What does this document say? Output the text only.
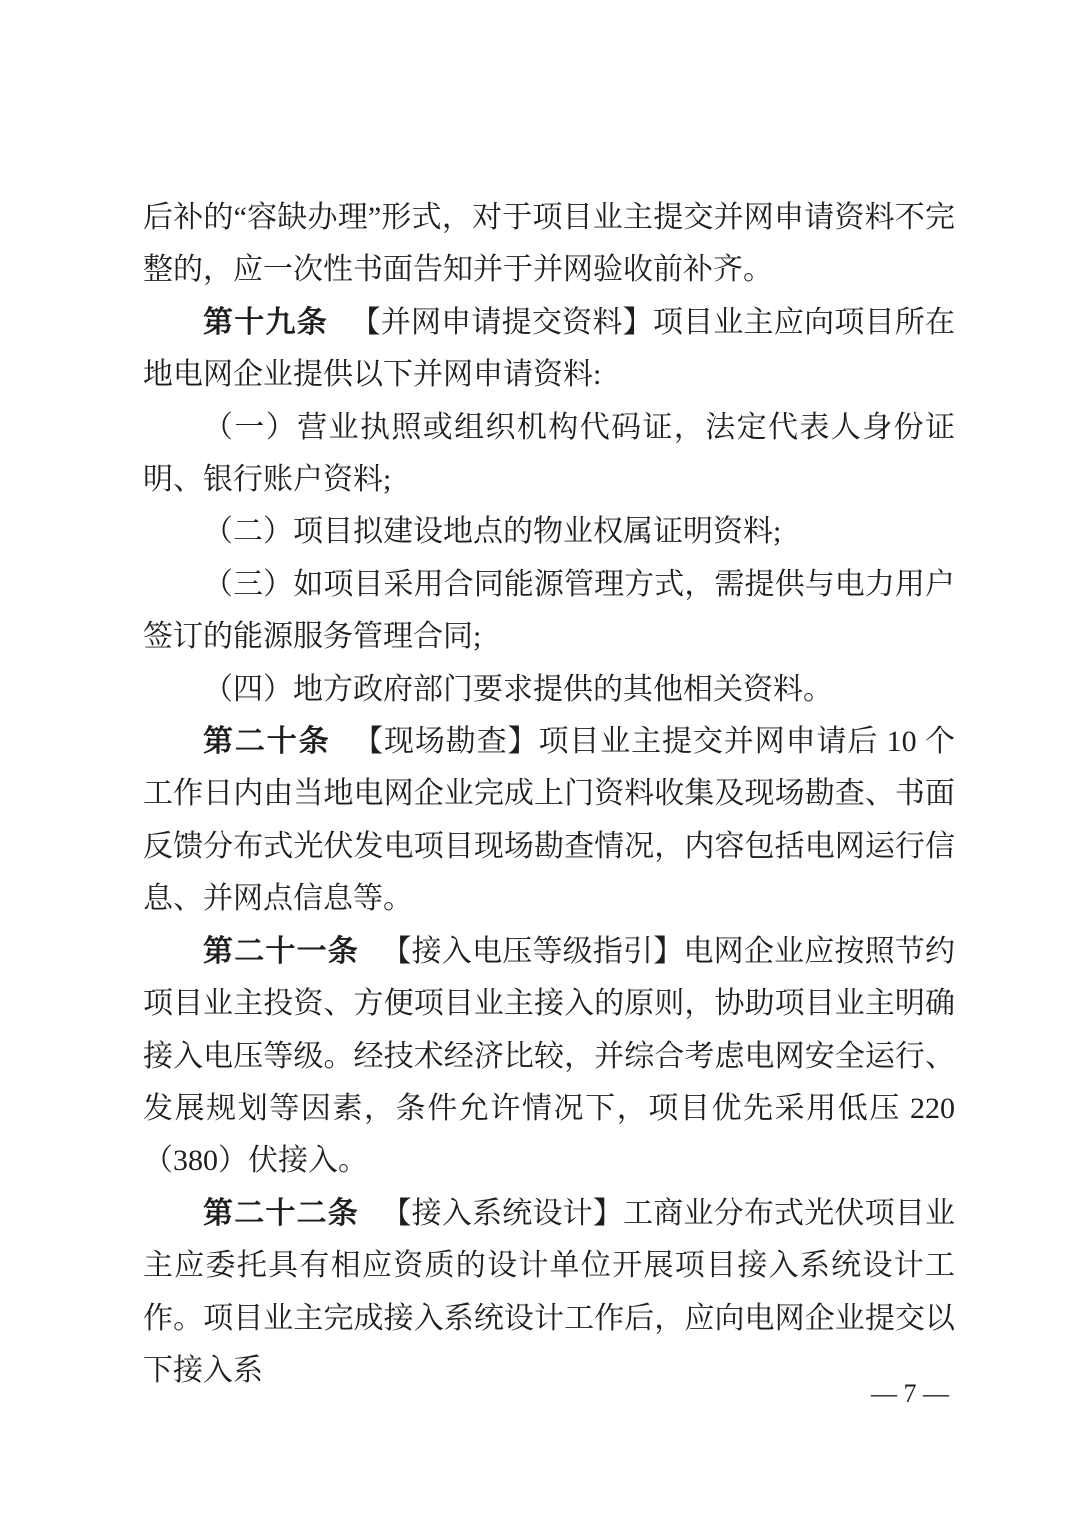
后补的“容缺办理”形式，对于项目业主提交并网申请资料不完整的，应一次性书面告知并于并网验收前补齐。

第十九条 【并网申请提交资料】项目业主应向项目所在地电网企业提供以下并网申请资料:

（一）营业执照或组织机构代码证，法定代表人身份证明、银行账户资料;

（二）项目拟建设地点的物业权属证明资料;

（三）如项目采用合同能源管理方式，需提供与电力用户签订的能源服务管理合同;

（四）地方政府部门要求提供的其他相关资料。

第二十条 【现场勘查】项目业主提交并网申请后 10 个工作日内由当地电网企业完成上门资料收集及现场勘查、书面反馈分布式光伏发电项目现场勘查情况，内容包括电网运行信息、并网点信息等。

第二十一条 【接入电压等级指引】电网企业应按照节约项目业主投资、方便项目业主接入的原则，协助项目业主明确接入电压等级。经技术经济比较，并综合考虑电网安全运行、发展规划等因素，条件允许情况下，项目优先采用低压 220（380）伏接入。

第二十二条 【接入系统设计】工商业分布式光伏项目业主应委托具有相应资质的设计单位开展项目接入系统设计工作。项目业主完成接入系统设计工作后，应向电网企业提交以下接入系

— 7 —
